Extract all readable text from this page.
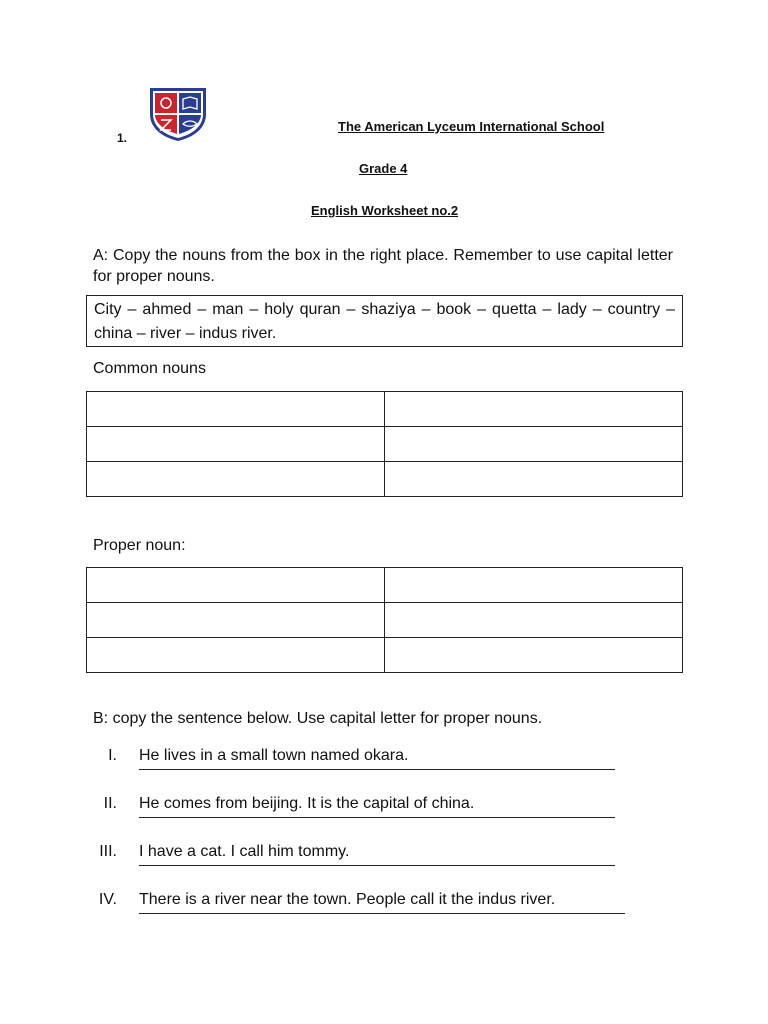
1.
The American Lyceum International School
Grade 4
English Worksheet no.2
A: Copy the nouns from the box in the right place. Remember to use capital letter for proper nouns.
City – ahmed – man – holy quran – shaziya – book – quetta – lady – country – china – river – indus river.
Common nouns

Proper noun:

B: copy the sentence below. Use capital letter for proper nouns.
I. He lives in a small town named okara.
II. He comes from beijing. It is the capital of china.
III. I have a cat. I call him tommy.
IV. There is a river near the town. People call it the indus river.
